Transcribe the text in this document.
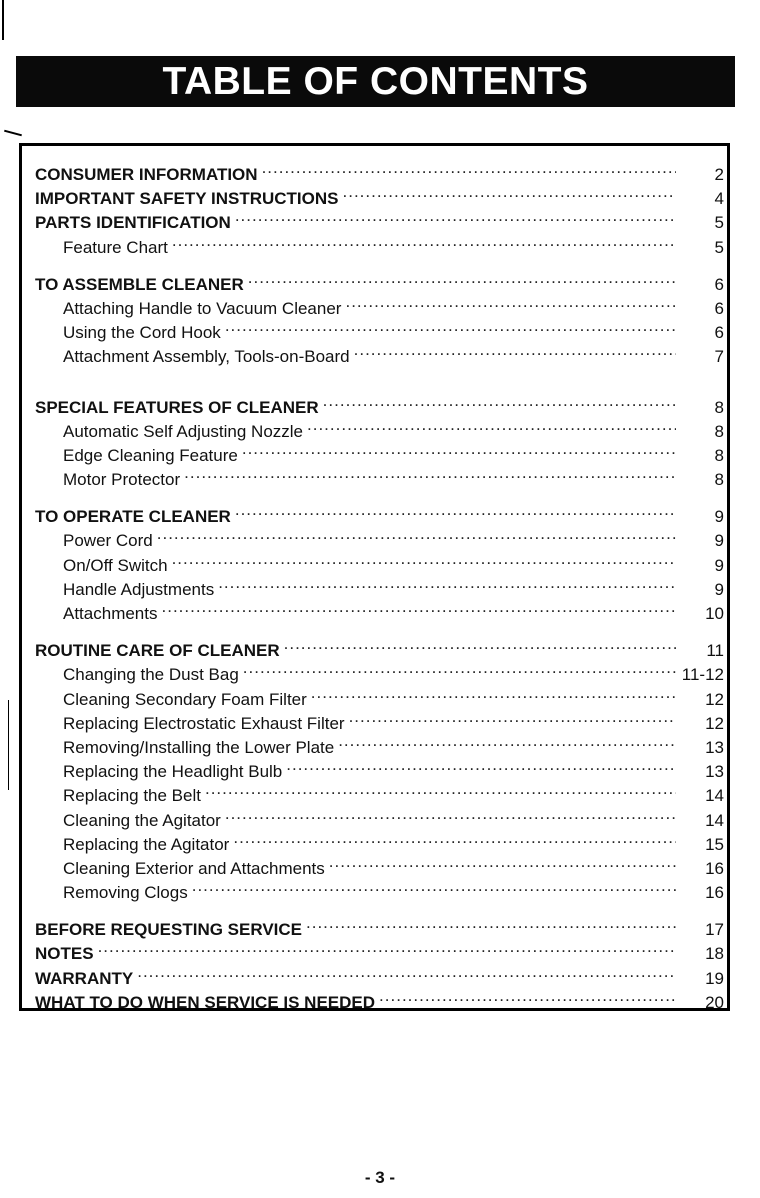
TABLE OF CONTENTS
CONSUMER INFORMATION .....	2
IMPORTANT SAFETY INSTRUCTIONS .....	4
PARTS IDENTIFICATION .....	5
Feature Chart .....	5
TO ASSEMBLE CLEANER .....	6
Attaching Handle to Vacuum Cleaner .....	6
Using the Cord Hook .....	6
Attachment Assembly, Tools-on-Board .....	7
SPECIAL FEATURES OF CLEANER .....	8
Automatic Self Adjusting Nozzle .....	8
Edge Cleaning Feature .....	8
Motor Protector .....	8
TO OPERATE CLEANER .....	9
Power Cord .....	9
On/Off Switch .....	9
Handle Adjustments .....	9
Attachments .....	10
ROUTINE CARE OF CLEANER .....	11
Changing the Dust Bag .....	11-12
Cleaning Secondary Foam Filter .....	12
Replacing Electrostatic Exhaust Filter .....	12
Removing/Installing the Lower Plate .....	13
Replacing the Headlight Bulb .....	13
Replacing the Belt .....	14
Cleaning the Agitator .....	14
Replacing the Agitator .....	15
Cleaning Exterior and Attachments .....	16
Removing Clogs .....	16
BEFORE REQUESTING SERVICE .....	17
NOTES .....	18
WARRANTY .....	19
WHAT TO DO WHEN SERVICE IS NEEDED .....	20
- 3 -
